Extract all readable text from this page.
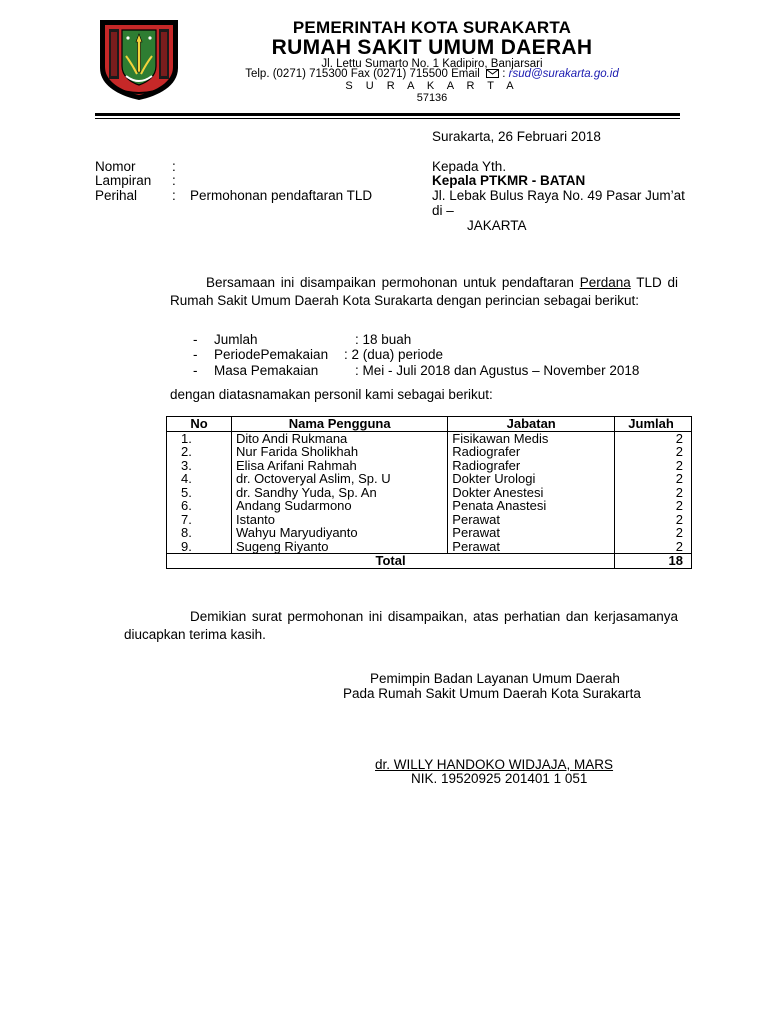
PEMERINTAH KOTA SURAKARTA
RUMAH SAKIT UMUM DAERAH
Jl. Lettu Sumarto No. 1 Kadipiro, Banjarsari
Telp. (0271) 715300 Fax (0271) 715500 Email  : rsud@surakarta.go.id
S U R A K A R T A
57136
Surakarta, 26 Februari 2018
Nomor	:
Lampiran :
Perihal	: Permohonan pendaftaran TLD
Kepada Yth.
Kepala PTKMR - BATAN
Jl. Lebak Bulus Raya No. 49 Pasar Jum’at
di –
JAKARTA
Bersamaan ini disampaikan permohonan untuk pendaftaran Perdana TLD di Rumah Sakit Umum Daerah Kota Surakarta dengan perincian sebagai berikut:
- Jumlah	: 18 buah
- PeriodePemakaian : 2 (dua) periode
- Masa Pemakaian	: Mei - Juli 2018 dan Agustus – November 2018
dengan diatasnamakan personil kami sebagai berikut:
No	Nama Pengguna	Jabatan	Jumlah
1.	Dito Andi Rukmana	Fisikawan Medis	2
2.	Nur Farida Sholikhah	Radiografer	2
3.	Elisa Arifani Rahmah	Radiografer	2
4.	dr. Octoveryal Aslim, Sp. U	Dokter Urologi	2
5.	dr. Sandhy Yuda, Sp. An	Dokter Anestesi	2
6.	Andang Sudarmono	Penata Anastesi	2
7.	Istanto	Perawat	2
8.	Wahyu Maryudiyanto	Perawat	2
9.	Sugeng Riyanto	Perawat	2
Total			18
Demikian surat permohonan ini disampaikan, atas perhatian dan kerjasamanya diucapkan terima kasih.
Pemimpin Badan Layanan Umum Daerah
Pada Rumah Sakit Umum Daerah Kota Surakarta
dr. WILLY HANDOKO WIDJAJA, MARS
NIK. 19520925 201401 1 051
